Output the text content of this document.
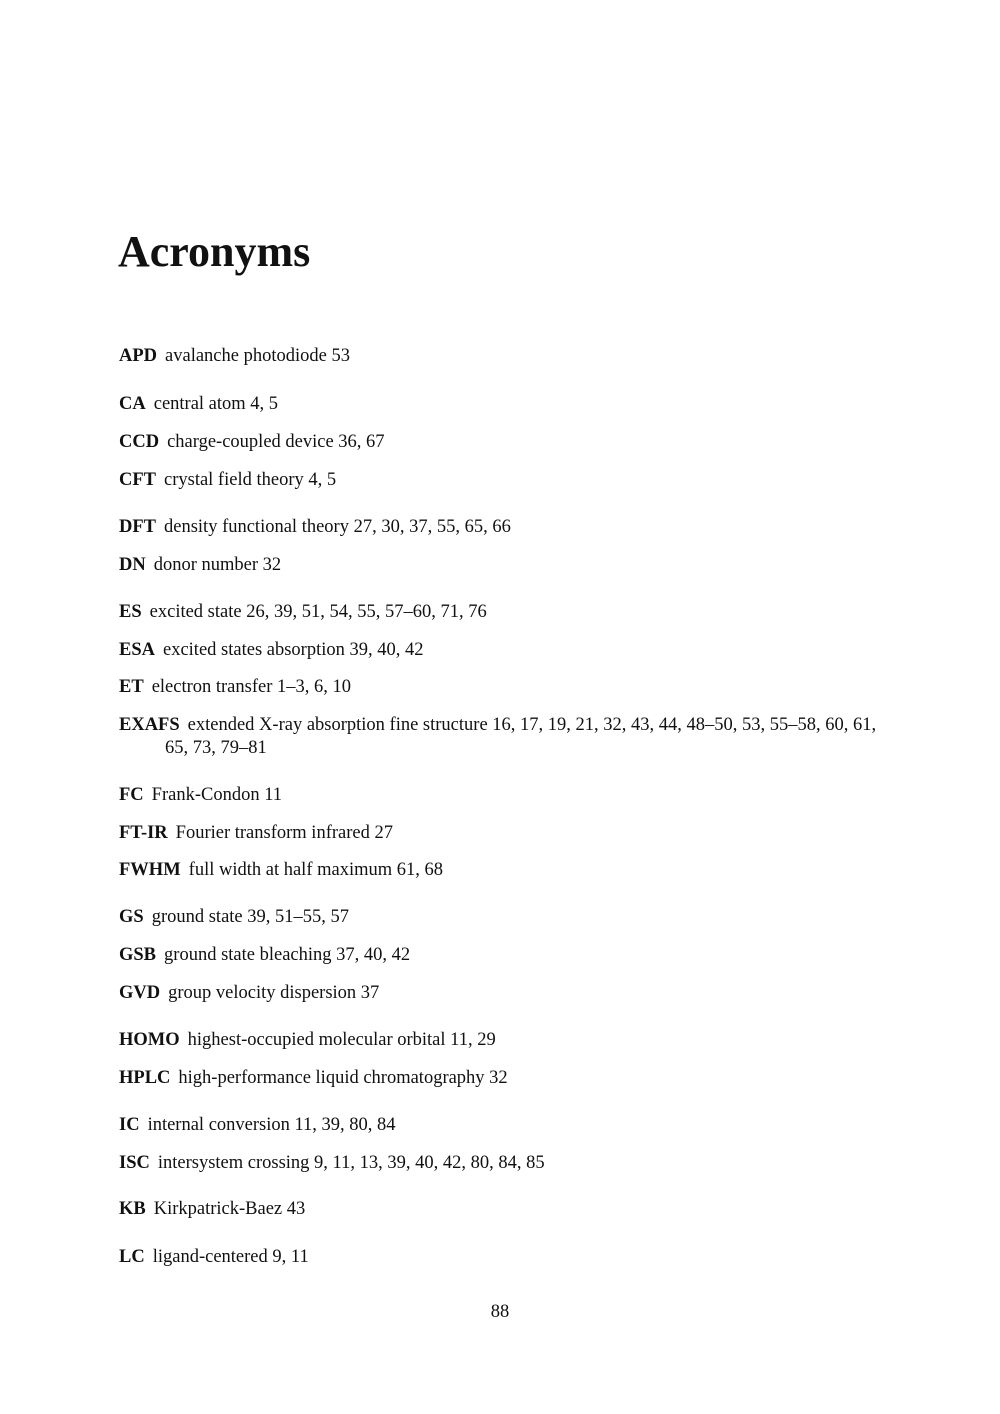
Acronyms
APD avalanche photodiode 53
CA central atom 4, 5
CCD charge-coupled device 36, 67
CFT crystal field theory 4, 5
DFT density functional theory 27, 30, 37, 55, 65, 66
DN donor number 32
ES excited state 26, 39, 51, 54, 55, 57–60, 71, 76
ESA excited states absorption 39, 40, 42
ET electron transfer 1–3, 6, 10
EXAFS extended X-ray absorption fine structure 16, 17, 19, 21, 32, 43, 44, 48–50, 53, 55–58, 60, 61, 65, 73, 79–81
FC Frank-Condon 11
FT-IR Fourier transform infrared 27
FWHM full width at half maximum 61, 68
GS ground state 39, 51–55, 57
GSB ground state bleaching 37, 40, 42
GVD group velocity dispersion 37
HOMO highest-occupied molecular orbital 11, 29
HPLC high-performance liquid chromatography 32
IC internal conversion 11, 39, 80, 84
ISC intersystem crossing 9, 11, 13, 39, 40, 42, 80, 84, 85
KB Kirkpatrick-Baez 43
LC ligand-centered 9, 11
88
